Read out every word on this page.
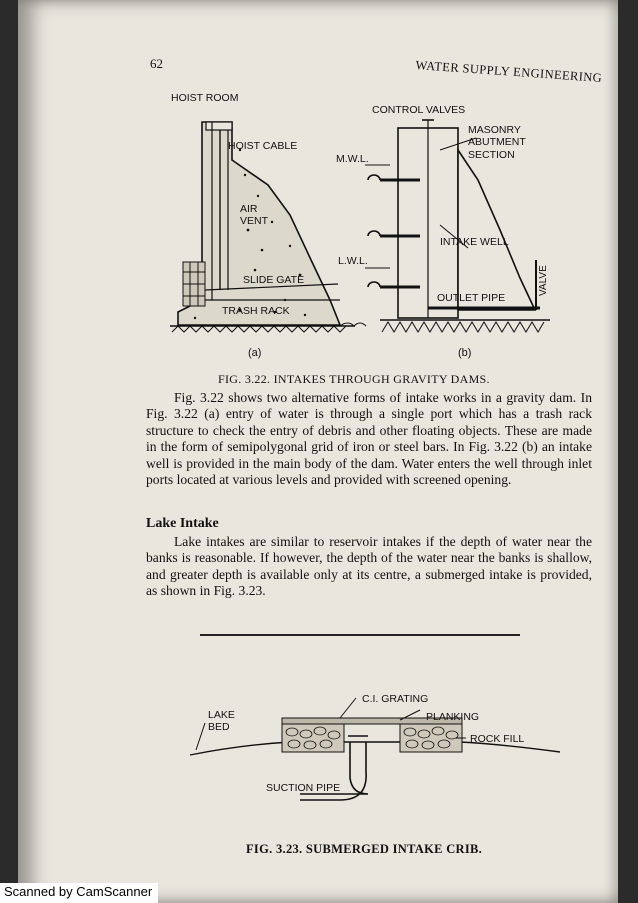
62	WATER SUPPLY ENGINEERING
HOIST ROOM
HOIST CABLE
AIR
VENT
SLIDE GATE
TRASH RACK
CONTROL VALVES
MASONRY
ABUTMENT
SECTION
M.W.L.
L.W.L.
INTAKE WELL
OUTLET PIPE
VALVE
(a)	(b)
FIG. 3.22. INTAKES THROUGH GRAVITY DAMS.

Fig. 3.22 shows two alternative forms of intake works in a gravity dam. In Fig. 3.22 (a) entry of water is through a single port which has a trash rack structure to check the entry of debris and other floating objects. These are made in the form of semipolygonal grid of iron or steel bars. In Fig. 3.22 (b) an intake well is provided in the main body of the dam. Water enters the well through inlet ports located at various levels and provided with screened opening.

Lake Intake

Lake intakes are similar to reservoir intakes if the depth of water near the banks is reasonable. If however, the depth of the water near the banks is shallow, and greater depth is available only at its centre, a submerged intake is provided, as shown in Fig. 3.23.

C.I. GRATING
PLANKING
LAKE
BED
ROCK FILL
SUCTION PIPE
FIG. 3.23. SUBMERGED INTAKE CRIB.
Scanned by CamScanner
